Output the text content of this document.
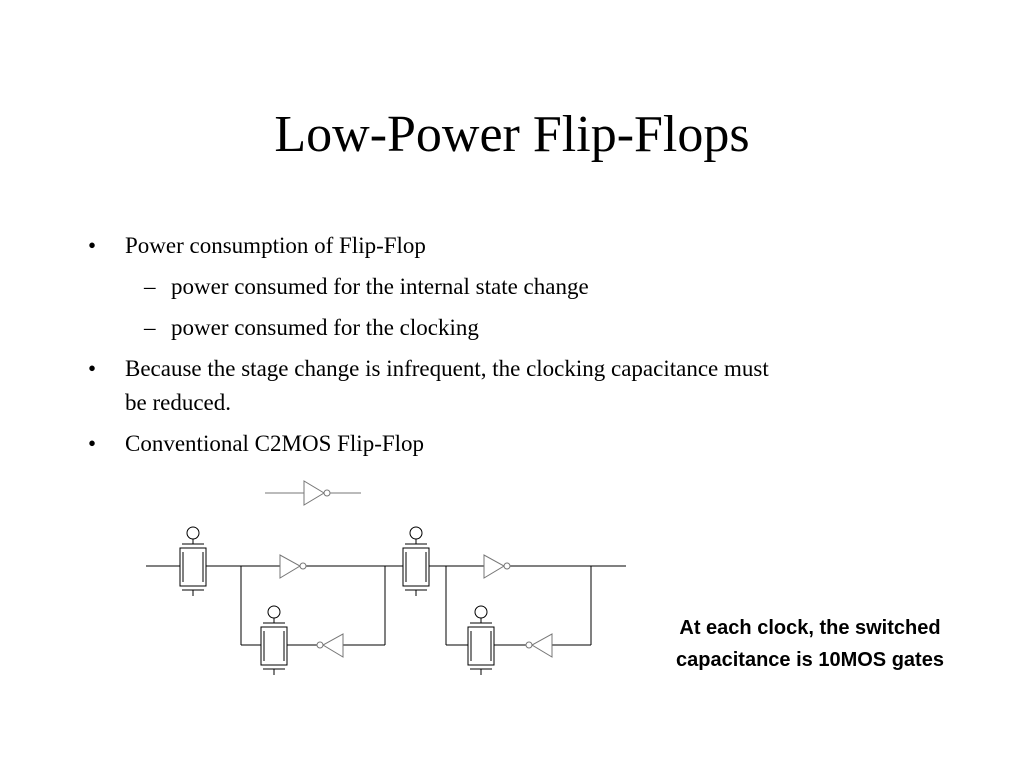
Low-Power Flip-Flops
• Power consumption of Flip-Flop
– power consumed for the internal state change
– power consumed for the clocking
• Because the stage change is infrequent, the clocking capacitance must
be reduced.
• Conventional C2MOS Flip-Flop
At each clock, the switched
capacitance is 10MOS gates
